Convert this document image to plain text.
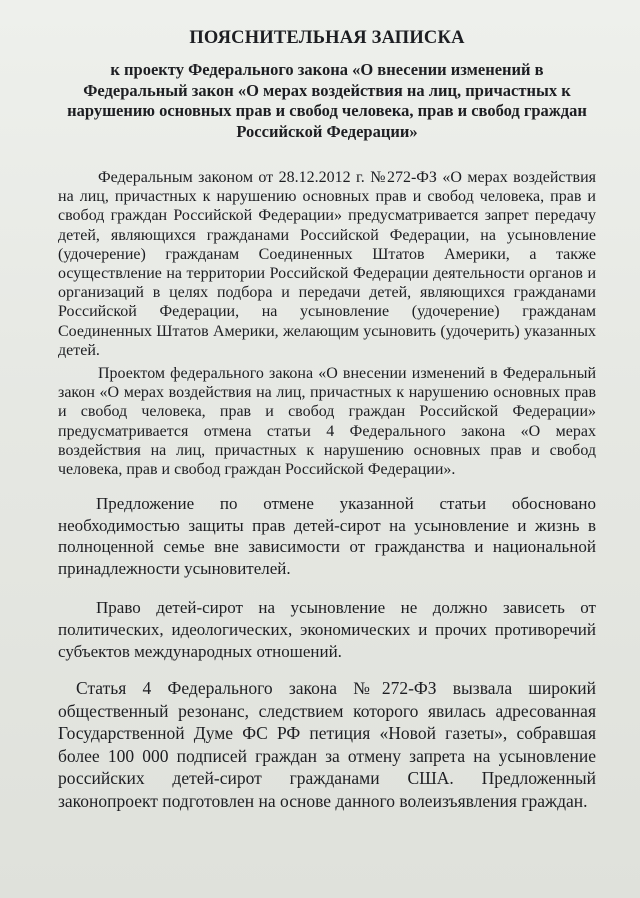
ПОЯСНИТЕЛЬНАЯ ЗАПИСКА

к проекту Федерального закона «О внесении изменений в Федеральный закон «О мерах воздействия на лиц, причастных к нарушению основных прав и свобод человека, прав и свобод граждан Российской Федерации»

Федеральным законом от 28.12.2012 г. №272-ФЗ «О мерах воздействия на лиц, причастных к нарушению основных прав и свобод человека, прав и свобод граждан Российской Федерации» предусматривается запрет передачу детей, являющихся гражданами Российской Федерации, на усыновление (удочерение) гражданам Соединенных Штатов Америки, а также осуществление на территории Российской Федерации деятельности органов и организаций в целях подбора и передачи детей, являющихся гражданами Российской Федерации, на усыновление (удочерение) гражданам Соединенных Штатов Америки, желающим усыновить (удочерить) указанных детей.

Проектом федерального закона «О внесении изменений в Федеральный закон «О мерах воздействия на лиц, причастных к нарушению основных прав и свобод человека, прав и свобод граждан Российской Федерации» предусматривается отмена статьи 4 Федерального закона «О мерах воздействия на лиц, причастных к нарушению основных прав и свобод человека, прав и свобод граждан Российской Федерации».

Предложение по отмене указанной статьи обосновано необходимостью защиты прав детей-сирот на усыновление и жизнь в полноценной семье вне зависимости от гражданства и национальной принадлежности усыновителей.

Право детей-сирот на усыновление не должно зависеть от политических, идеологических, экономических и прочих противоречий субъектов международных отношений.

Статья 4 Федерального закона №272-ФЗ вызвала широкий общественный резонанс, следствием которого явилась адресованная Государственной Думе ФС РФ петиция «Новой газеты», собравшая более 100 000 подписей граждан за отмену запрета на усыновление российских детей-сирот гражданами США. Предложенный законопроект подготовлен на основе данного волеизъявления граждан.
